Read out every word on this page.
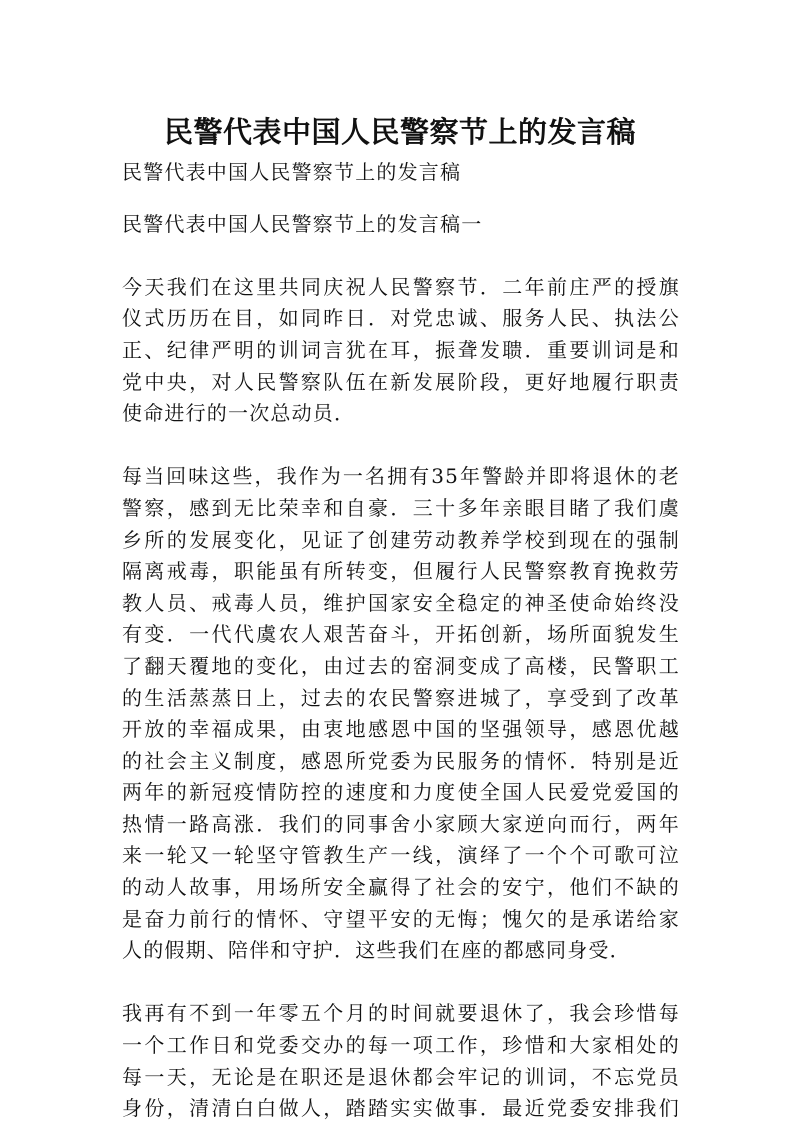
民警代表中国人民警察节上的发言稿

民警代表中国人民警察节上的发言稿

民警代表中国人民警察节上的发言稿一

今天我们在这里共同庆祝人民警察节．二年前庄严的授旗

仪式历历在目，如同昨日．对党忠诚、服务人民、执法公

正、纪律严明的训词言犹在耳，振聋发聩．重要训词是和

党中央，对人民警察队伍在新发展阶段，更好地履行职责

使命进行的一次总动员．

每当回味这些，我作为一名拥有35年警龄并即将退休的老

警察，感到无比荣幸和自豪．三十多年亲眼目睹了我们虞

乡所的发展变化，见证了创建劳动教养学校到现在的强制

隔离戒毒，职能虽有所转变，但履行人民警察教育挽救劳

教人员、戒毒人员，维护国家安全稳定的神圣使命始终没

有变．一代代虞农人艰苦奋斗，开拓创新，场所面貌发生

了翻天覆地的变化，由过去的窑洞变成了高楼，民警职工

的生活蒸蒸日上，过去的农民警察进城了，享受到了改革

开放的幸福成果，由衷地感恩中国的坚强领导，感恩优越

的社会主义制度，感恩所党委为民服务的情怀．特别是近

两年的新冠疫情防控的速度和力度使全国人民爱党爱国的

热情一路高涨．我们的同事舍小家顾大家逆向而行，两年

来一轮又一轮坚守管教生产一线，演绎了一个个可歌可泣

的动人故事，用场所安全赢得了社会的安宁，他们不缺的

是奋力前行的情怀、守望平安的无悔；愧欠的是承诺给家

人的假期、陪伴和守护．这些我们在座的都感同身受．

我再有不到一年零五个月的时间就要退休了，我会珍惜每

一个工作日和党委交办的每一项工作，珍惜和大家相处的

每一天，无论是在职还是退休都会牢记的训词，不忘党员

身份，清清白白做人，踏踏实实做事．最近党委安排我们
